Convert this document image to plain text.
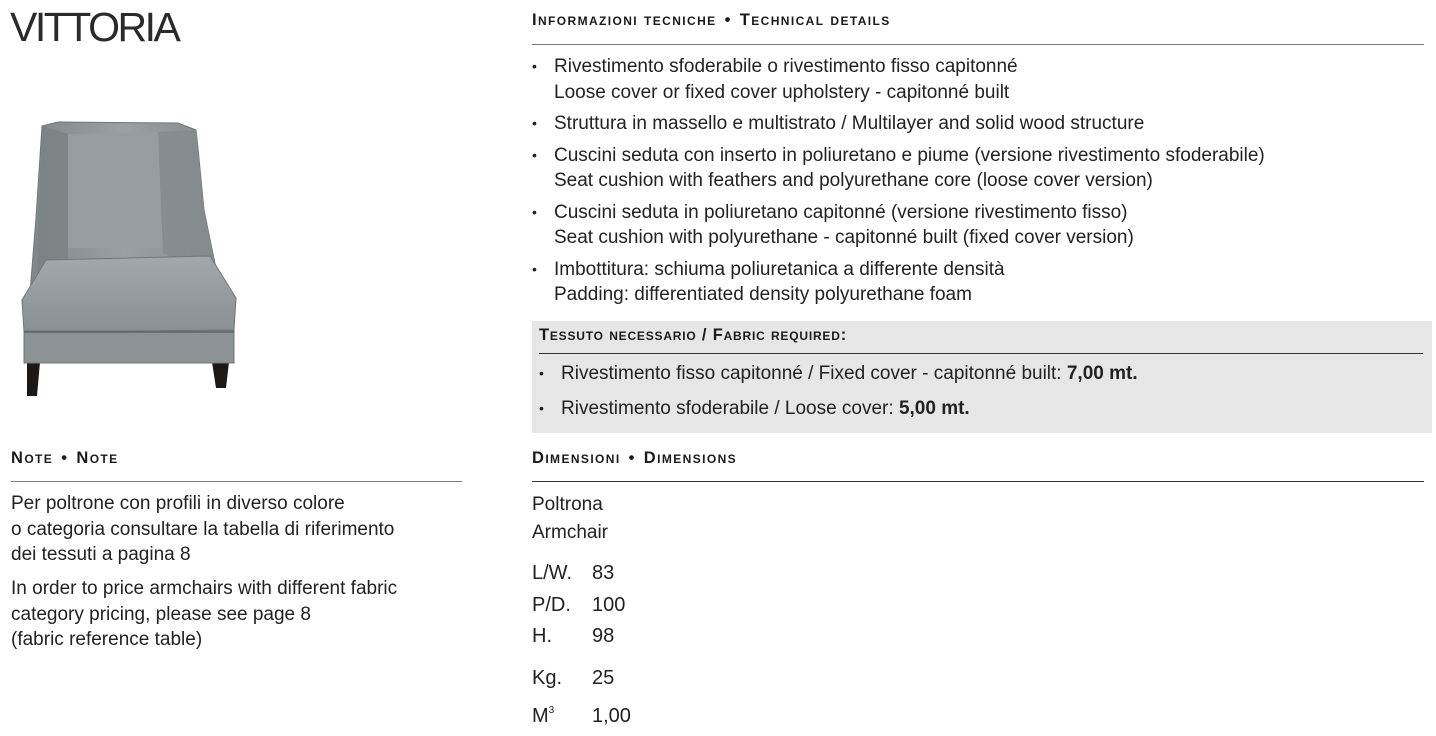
VITTORIA
Note • Note
Per poltrone con profili in diverso colore
o categoria consultare la tabella di riferimento
dei tessuti a pagina 8
In order to price armchairs with different fabric
category pricing, please see page 8
(fabric reference table)
Informazioni tecniche • Technical details
• Rivestimento sfoderabile o rivestimento fisso capitonné
Loose cover or fixed cover upholstery - capitonné built
• Struttura in massello e multistrato / Multilayer and solid wood structure
• Cuscini seduta con inserto in poliuretano e piume (versione rivestimento sfoderabile)
Seat cushion with feathers and polyurethane core (loose cover version)
• Cuscini seduta in poliuretano capitonné (versione rivestimento fisso)
Seat cushion with polyurethane - capitonné built (fixed cover version)
• Imbottitura: schiuma poliuretanica a differente densità
Padding: differentiated density polyurethane foam
Tessuto necessario / Fabric required:
• Rivestimento fisso capitonné / Fixed cover - capitonné built: 7,00 mt.
• Rivestimento sfoderabile / Loose cover: 5,00 mt.
Dimensioni • Dimensions
Poltrona
Armchair
L/W. 83
P/D. 100
H. 98
Kg. 25
$M^3$ 1,00
